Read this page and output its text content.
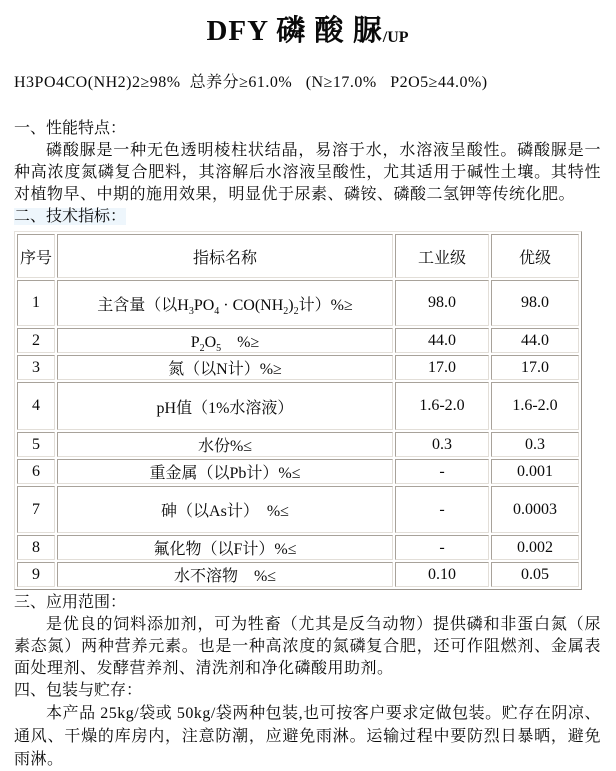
DFY 磷 酸 脲/UP
H3PO4CO(NH2)2≥98%  总养分≥61.0%   (N≥17.0%   P2O5≥44.0%)
一、性能特点：

磷酸脲是一种无色透明棱柱状结晶，易溶于水，水溶液呈酸性。磷酸脲是一种高浓度氮磷复合肥料，其溶解后水溶液呈酸性，尤其适用于碱性土壤。其特性对植物早、中期的施用效果，明显优于尿素、磷铵、磷酸二氢钾等传统化肥。

二、技术指标：
序号	指标名称	工业级	优级
1	主含量（以$H_3PO_4 \cdot CO(NH_2)_2$计）%≥	98.0	98.0
2	$P_2O_5$　%≥	44.0	44.0
3	氮（以N计）%≥	17.0	17.0
4	pH值（1%水溶液）	1.6-2.0	1.6-2.0
5	水份%≤	0.3	0.3
6	重金属（以Pb计）%≤	-	0.001
7	砷（以As计）　%≤	-	0.0003
8	氟化物（以F计）%≤	-	0.002
9	水不溶物　%≤	0.10	0.05
三、应用范围：

是优良的饲料添加剂，可为牲畜（尤其是反刍动物）提供磷和非蛋白氮（尿素态氮）两种营养元素。也是一种高浓度的氮磷复合肥，还可作阻燃剂、金属表面处理剂、发酵营养剂、清洗剂和净化磷酸用助剂。

四、包装与贮存：

本产品 25kg/袋或 50kg/袋两种包装,也可按客户要求定做包装。贮存在阴凉、通风、干燥的库房内，注意防潮，应避免雨淋。运输过程中要防烈日暴晒，避免雨淋。
